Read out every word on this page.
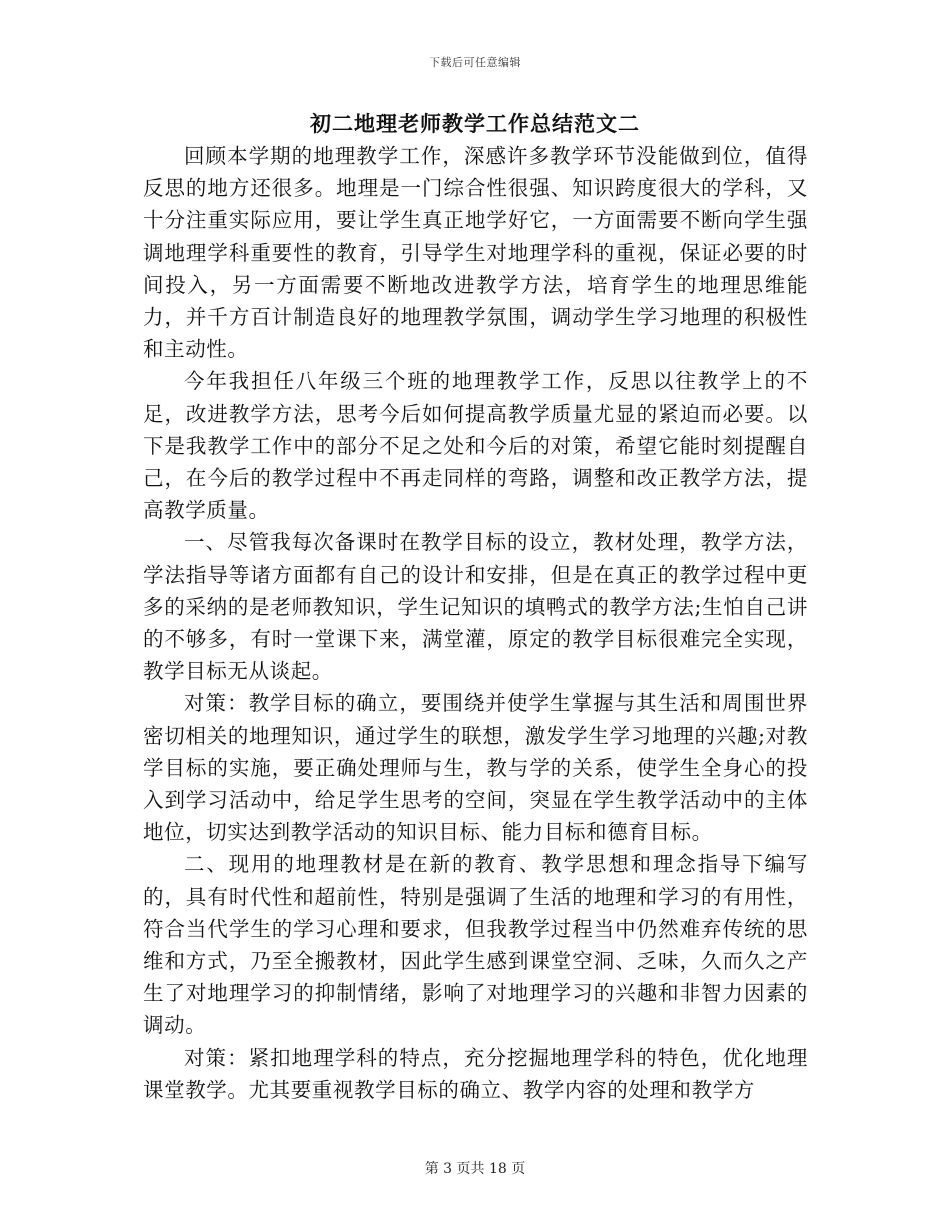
下载后可任意编辑
初二地理老师教学工作总结范文二

回顾本学期的地理教学工作，深感许多教学环节没能做到位，值得反思的地方还很多。地理是一门综合性很强、知识跨度很大的学科，又十分注重实际应用，要让学生真正地学好它，一方面需要不断向学生强调地理学科重要性的教育，引导学生对地理学科的重视，保证必要的时间投入，另一方面需要不断地改进教学方法，培育学生的地理思维能力，并千方百计制造良好的地理教学氛围，调动学生学习地理的积极性和主动性。

今年我担任八年级三个班的地理教学工作，反思以往教学上的不足，改进教学方法，思考今后如何提高教学质量尤显的紧迫而必要。以下是我教学工作中的部分不足之处和今后的对策，希望它能时刻提醒自己，在今后的教学过程中不再走同样的弯路，调整和改正教学方法，提高教学质量。

一、尽管我每次备课时在教学目标的设立，教材处理，教学方法，学法指导等诸方面都有自己的设计和安排，但是在真正的教学过程中更多的采纳的是老师教知识，学生记知识的填鸭式的教学方法;生怕自己讲的不够多，有时一堂课下来，满堂灌，原定的教学目标很难完全实现，教学目标无从谈起。

对策：教学目标的确立，要围绕并使学生掌握与其生活和周围世界密切相关的地理知识，通过学生的联想，激发学生学习地理的兴趣;对教学目标的实施，要正确处理师与生，教与学的关系，使学生全身心的投入到学习活动中，给足学生思考的空间，突显在学生教学活动中的主体地位，切实达到教学活动的知识目标、能力目标和德育目标。

二、现用的地理教材是在新的教育、教学思想和理念指导下编写的，具有时代性和超前性，特别是强调了生活的地理和学习的有用性，符合当代学生的学习心理和要求，但我教学过程当中仍然难弃传统的思维和方式，乃至全搬教材，因此学生感到课堂空洞、乏味，久而久之产生了对地理学习的抑制情绪，影响了对地理学习的兴趣和非智力因素的调动。

对策：紧扣地理学科的特点，充分挖掘地理学科的特色，优化地理课堂教学。尤其要重视教学目标的确立、教学内容的处理和教学方

第 3 页共 18 页
